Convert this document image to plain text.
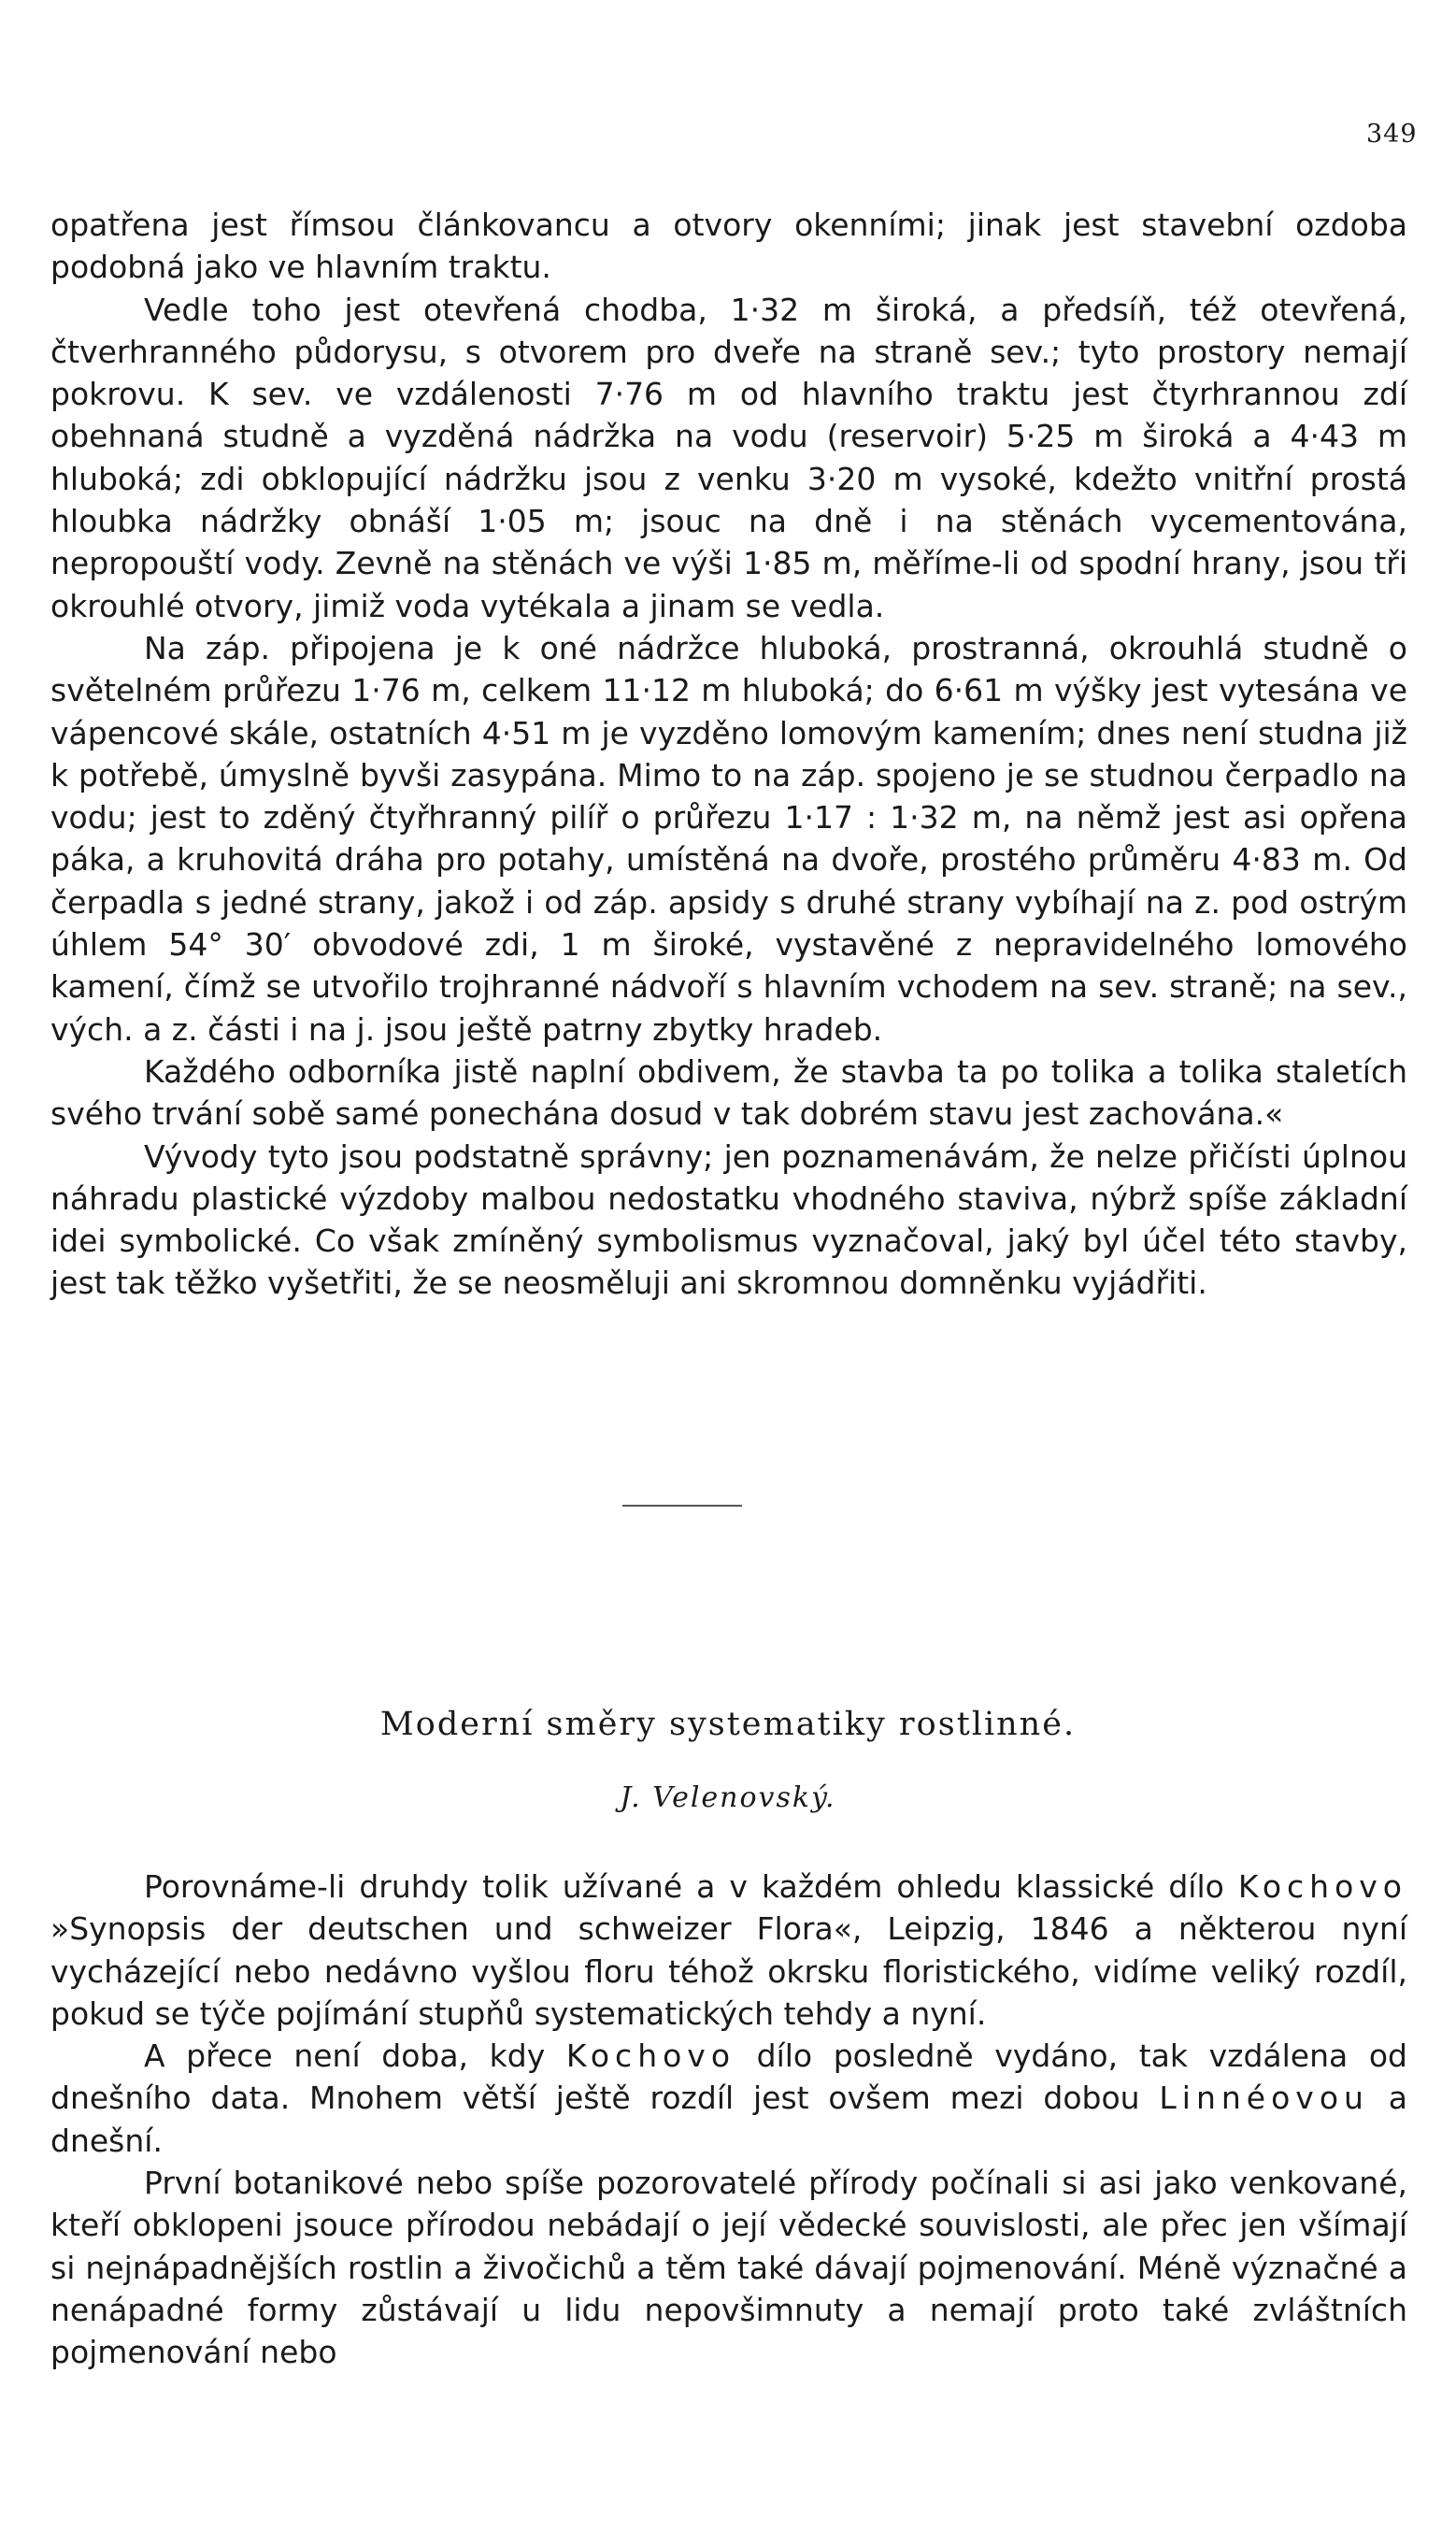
349

opatřena jest římsou článkovancu a otvory okenními; jinak jest stavební ozdoba podobná jako ve hlavním traktu.

Vedle toho jest otevřená chodba, 1·32 m široká, a předsíň, též otevřená, čtverhranného půdorysu, s otvorem pro dveře na straně sev.; tyto prostory nemají pokrovu. K sev. ve vzdálenosti 7·76 m od hlavního traktu jest čtyrhrannou zdí obehnaná studně a vyzděná nádržka na vodu (reservoir) 5·25 m široká a 4·43 m hluboká; zdi obklopující nádržku jsou z venku 3·20 m vysoké, kdežto vnitřní prostá hloubka nádržky obnáší 1·05 m; jsouc na dně i na stěnách vycementována, nepropouští vody. Zevně na stěnách ve výši 1·85 m, měříme-li od spodní hrany, jsou tři okrouhlé otvory, jimiž voda vytékala a jinam se vedla.

Na záp. připojena je k oné nádržce hluboká, prostranná, okrouhlá studně o světelném průřezu 1·76 m, celkem 11·12 m hluboká; do 6·61 m výšky jest vytesána ve vápencové skále, ostatních 4·51 m je vyzděno lomovým kamením; dnes není studna již k potřebě, úmyslně byvši zasypána. Mimo to na záp. spojeno je se studnou čerpadlo na vodu; jest to zděný čtyřhranný pilíř o průřezu 1·17 : 1·32 m, na němž jest asi opřena páka, a kruhovitá dráha pro potahy, umístěná na dvoře, prostého průměru 4·83 m. Od čerpadla s jedné strany, jakož i od záp. apsidy s druhé strany vybíhají na z. pod ostrým úhlem 54° 30′ obvodové zdi, 1 m široké, vystavěné z nepravidelného lomového kamení, čímž se utvořilo trojhranné nádvoří s hlavním vchodem na sev. straně; na sev., vých. a z. části i na j. jsou ještě patrny zbytky hradeb.

Každého odborníka jistě naplní obdivem, že stavba ta po tolika a tolika staletích svého trvání sobě samé ponechána dosud v tak dobrém stavu jest zachována.«

Vývody tyto jsou podstatně správny; jen poznamenávám, že nelze přičísti úplnou náhradu plastické výzdoby malbou nedostatku vhodného staviva, nýbrž spíše základní idei symbolické. Co však zmíněný symbolismus vyznačoval, jaký byl účel této stavby, jest tak těžko vyšetřiti, že se neosměluji ani skromnou domněnku vyjádřiti.

Moderní směry systematiky rostlinné.
J. Velenovský.

Porovnáme-li druhdy tolik užívané a v každém ohledu klassické dílo Kochovo »Synopsis der deutschen und schweizer Flora«, Leipzig, 1846 a některou nyní vycházející nebo nedávno vyšlou floru téhož okrsku floristického, vidíme veliký rozdíl, pokud se týče pojímání stupňů systematických tehdy a nyní.

A přece není doba, kdy Kochovo dílo posledně vydáno, tak vzdálena od dnešního data. Mnohem větší ještě rozdíl jest ovšem mezi dobou Linnéovou a dnešní.

První botanikové nebo spíše pozorovatelé přírody počínali si asi jako venkované, kteří obklopeni jsouce přírodou nebádají o její vědecké souvislosti, ale přec jen všímají si nejnápadnějších rostlin a živočichů a těm také dávají pojmenování. Méně význačné a nenápadné formy zůstávají u lidu nepovšimnuty a nemají proto také zvláštních pojmenování nebo
